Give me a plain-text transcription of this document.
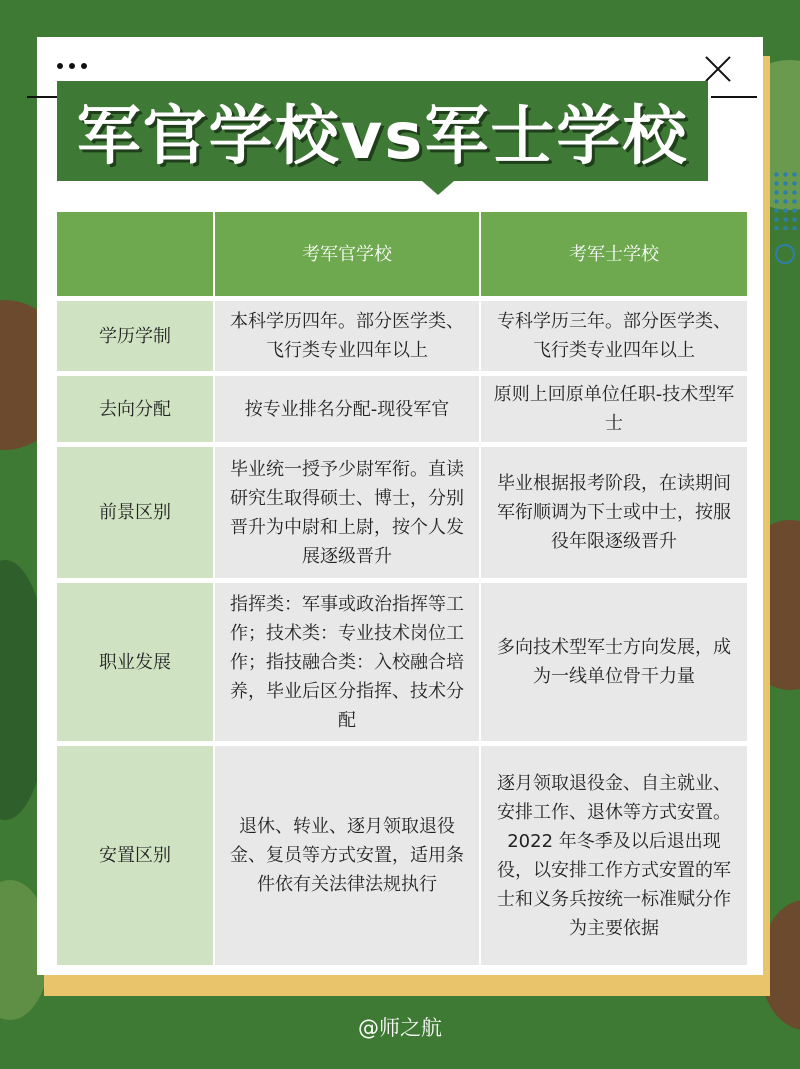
军官学校vs军士学校
考军官学校	考军士学校
学历学制
本科学历四年。部分医学类、飞行类专业四年以上
专科学历三年。部分医学类、飞行类专业四年以上
去向分配	按专业排名分配-现役军官
原则上回原单位任职-技术型军士
前景区别
毕业统一授予少尉军衔。直读研究生取得硕士、博士，分别晋升为中尉和上尉，按个人发展逐级晋升
毕业根据报考阶段，在读期间军衔顺调为下士或中士，按服役年限逐级晋升
职业发展
指挥类：军事或政治指挥等工作；技术类：专业技术岗位工作；指技融合类：入校融合培养，毕业后区分指挥、技术分配
多向技术型军士方向发展，成为一线单位骨干力量
安置区别
退休、转业、逐月领取退役金、复员等方式安置，适用条件依有关法律法规执行
逐月领取退役金、自主就业、安排工作、退休等方式安置。2022 年冬季及以后退出现役，以安排工作方式安置的军士和义务兵按统一标准赋分作为主要依据
@师之航
